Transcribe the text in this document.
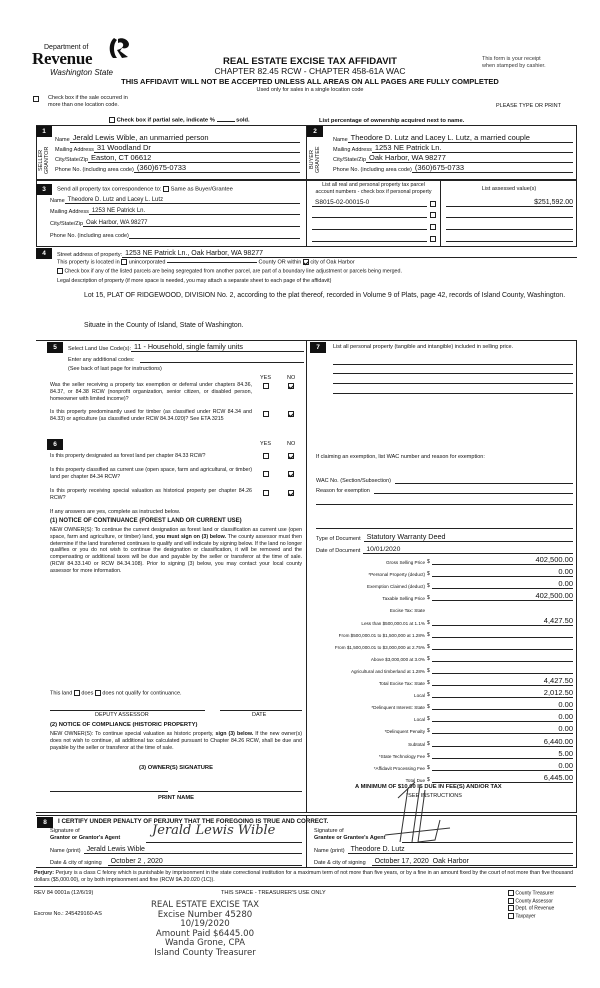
Department of
Revenue
Washington State
REAL ESTATE EXCISE TAX AFFIDAVIT
CHAPTER 82.45 RCW - CHAPTER 458-61A WAC
THIS AFFIDAVIT WILL NOT BE ACCEPTED UNLESS ALL AREAS ON ALL PAGES ARE FULLY COMPLETED
Used only for sales in a single location code
This form is your receipt
when stamped by cashier.
Check box if the sale occurred in
more than one location code.	PLEASE TYPE OR PRINT
Check box if partial sale, indicate %	sold.	List percentage of ownership acquired next to name.
1
SELLER
GRANTOR
Name Jerald Lewis Wible, an unmarried person
Mailing Address 31 Woodland Dr
City/State/Zip Easton, CT 06612
Phone No. (including area code) (360)675-0733
2
BUYER
GRANTEE
Name Theodore D. Lutz and Lacey L. Lutz, a married couple
Mailing Address 1253 NE Patrick Ln.
City/State/Zip Oak Harbor, WA 98277
Phone No. (including area code) (360)675-0733
3	Send all property tax correspondence to: Same as Buyer/Grantee
Name Theodore D. Lutz and Lacey L. Lutz
Mailing Address 1253 NE Patrick Ln.
City/State/Zip Oak Harbor, WA 98277
Phone No. (including area code)
List all real and personal property tax parcel
account numbers - check box if personal property	List assessed value(s)
S8015-02-00015-0	$251,592.00
4	Street address of property: 1253 NE Patrick Ln., Oak Harbor, WA 98277
This property is located in unincorporated	County OR within city of Oak Harbor
Check box if any of the listed parcels are being segregated from another parcel, are part of a boundary line adjustment or parcels being merged.
Legal description of property (if more space is needed, you may attach a separate sheet to each page of the affidavit)
Lot 15, PLAT OF RIDGEWOOD, DIVISION No. 2, according to the plat thereof, recorded in Volume 9 of Plats, page 42, records of Island County, Washington.
Situate in the County of Island, State of Washington.
5	Select Land Use Code(s): 11 - Household, single family units
Enter any additional codes:
(See back of last page for instructions)
YES	NO
Was the seller receiving a property tax exemption or deferral under chapters 84.36, 84.37, or 84.38 RCW (nonprofit organization, senior citizen, or disabled person, homeowner with limited income)?
Is this property predominantly used for timber (as classified under RCW 84.34 and 84.33) or agriculture (as classified under RCW 84.34.020)? See ETA 3215
6	YES	NO
Is this property designated as forest land per chapter 84.33 RCW?
Is this property classified as current use (open space, farm and agricultural, or timber) land per chapter 84.34 RCW?
Is this property receiving special valuation as historical property per chapter 84.26 RCW?
If any answers are yes, complete as instructed below.
(1) NOTICE OF CONTINUANCE (FOREST LAND OR CURRENT USE)
NEW OWNER(S): To continue the current designation as forest land or classification as current use (open space, farm and agriculture, or timber) land, you must sign on (3) below. The county assessor must then determine if the land transferred continues to qualify and will indicate by signing below. If the land no longer qualifies or you do not wish to continue the designation or classification, it will be removed and the compensating or additional taxes will be due and payable by the seller or transferor at the time of sale. (RCW 84.33.140 or RCW 84.34.108). Prior to signing (3) below, you may contact your local county assessor for more information.
This land does does not qualify for continuance.
DEPUTY ASSESSOR	DATE
(2) NOTICE OF COMPLIANCE (HISTORIC PROPERTY)
NEW OWNER(S): To continue special valuation as historic property, sign (3) below. If the new owner(s) does not wish to continue, all additional tax calculated pursuant to Chapter 84.26 RCW, shall be due and payable by the seller or transferor at the time of sale.
(3) OWNER(S) SIGNATURE
PRINT NAME
7	List all personal property (tangible and intangible) included in selling price.
If claiming an exemption, list WAC number and reason for exemption:
WAC No. (Section/Subsection)
Reason for exemption
Type of Document Statutory Warranty Deed
Date of Document 10/01/2020
Gross Selling Price $	402,500.00
*Personal Property (deduct) $	0.00
Exemption Claimed (deduct) $	0.00
Taxable Selling Price $	402,500.00
Excise Tax: State
Less than $500,000.01 at 1.1% $	4,427.50
From $500,000.01 to $1,500,000 at 1.28% $
From $1,500,000.01 to $3,000,000 at 2.75% $
Above $3,000,000 at 3.0% $
Agricultural and timberland at 1.28% $
Total Excise Tax: State $	4,427.50
Local $	2,012.50
*Delinquent Interest: State $	0.00
Local $	0.00
*Delinquent Penalty $	0.00
Subtotal $	6,440.00
*State Technology Fee $	5.00
*Affidavit Processing Fee $	0.00
Total Due $	6,445.00
A MINIMUM OF $10.00 IS DUE IN FEE(S) AND/OR TAX
*SEE INSTRUCTIONS
8	I CERTIFY UNDER PENALTY OF PERJURY THAT THE FOREGOING IS TRUE AND CORRECT.
Signature of
Grantor or Grantor's Agent Jerald Lewis Wible
Name (print) Jerald Lewis Wible
Date & city of signing	October 2 , 2020
Signature of
Grantee or Grantee's Agent
Name (print) Theodore D. Lutz
Date & city of signing	October 17, 2020  Oak Harbor
Perjury: Perjury is a class C felony which is punishable by imprisonment in the state correctional institution for a maximum term of not more than five years, or by a fine in an amount fixed by the court of not more than five thousand dollars ($5,000.00), or by both imprisonment and fine (RCW 9A.20.020 (1C)).
REV 84 0001a (12/6/19)	THIS SPACE - TREASURER'S USE ONLY
Escrow No.: 245429160-AS
REAL ESTATE EXCISE TAX
Excise Number 45280
10/19/2020
Amount Paid $6445.00
Wanda Grone, CPA
Island County Treasurer
County Treasurer
County Assessor
Dept. of Revenue
Taxpayer
